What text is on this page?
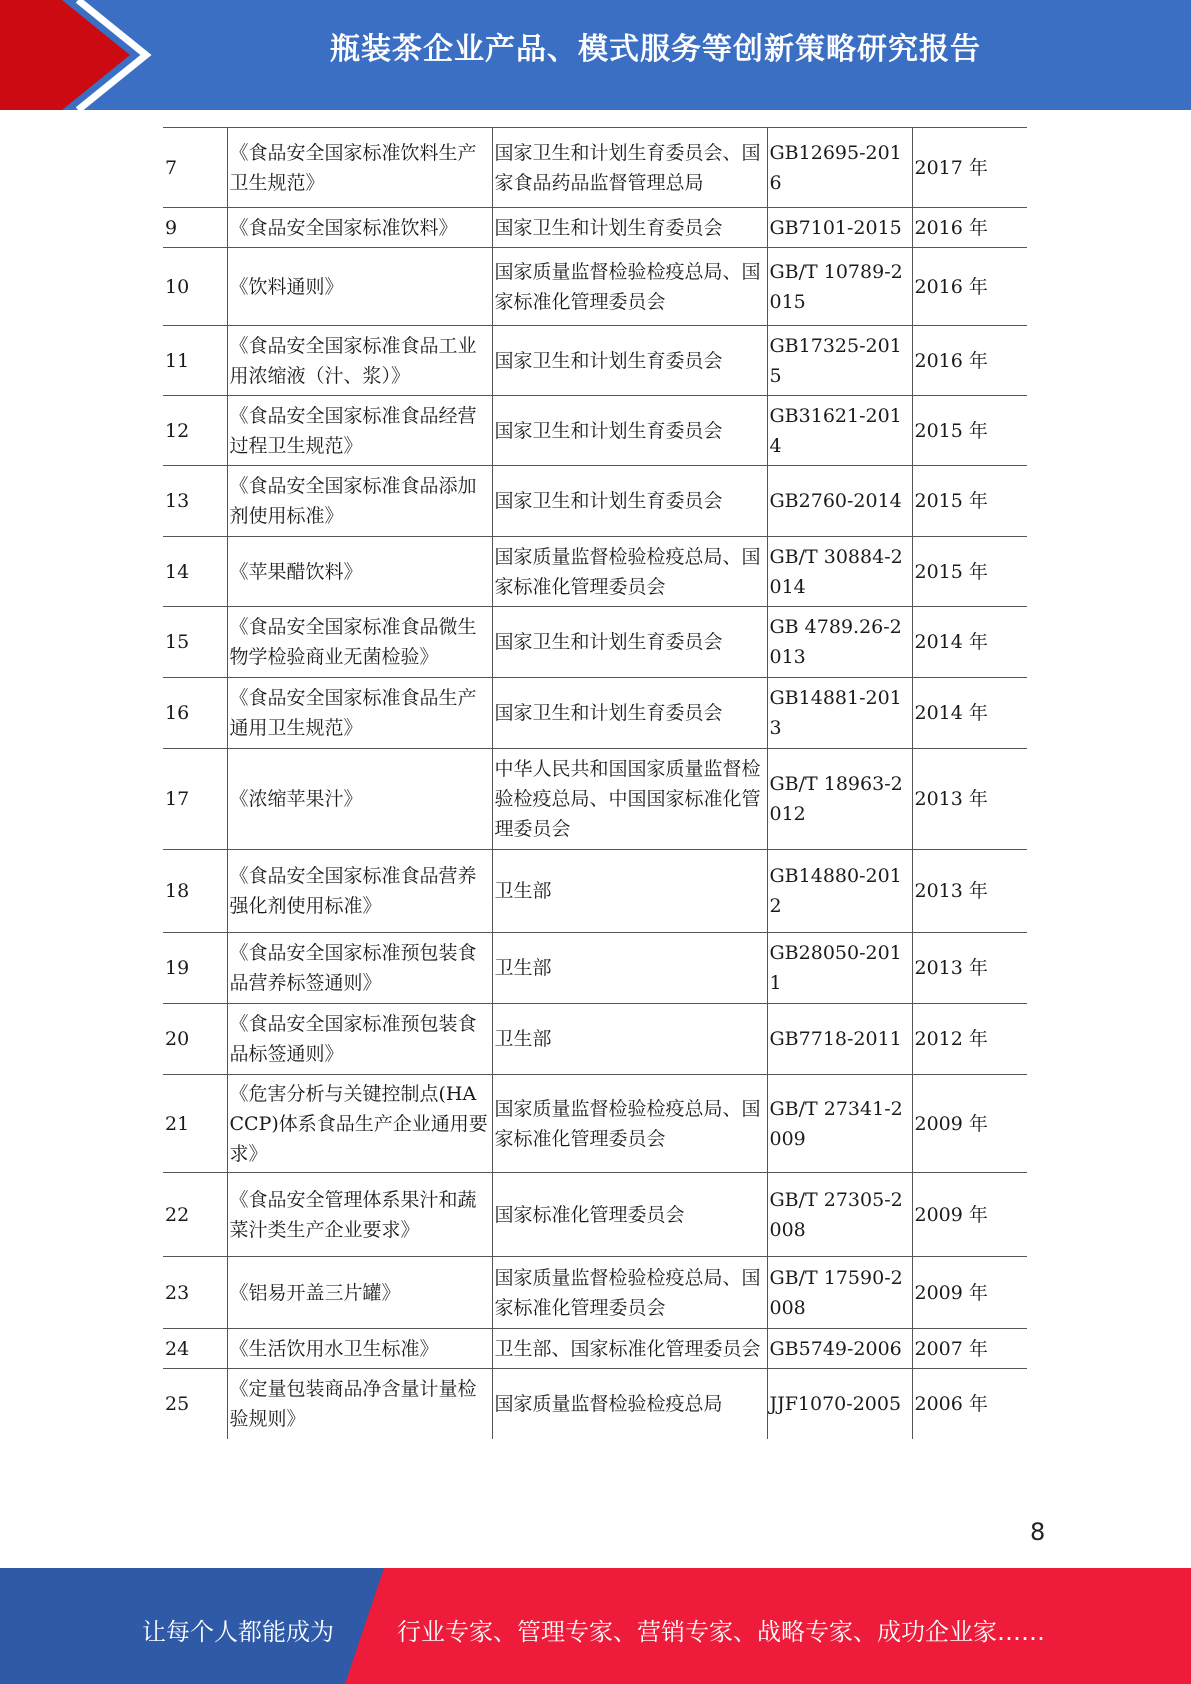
瓶装茶企业产品、模式服务等创新策略研究报告
7	《食品安全国家标准饮料生产卫生规范》	国家卫生和计划生育委员会、国家食品药品监督管理总局	GB12695-2016	2017 年
9	《食品安全国家标准饮料》	国家卫生和计划生育委员会	GB7101-2015	2016 年
10	《饮料通则》	国家质量监督检验检疫总局、国家标准化管理委员会	GB/T 10789-2015	2016 年
11	《食品安全国家标准食品工业用浓缩液（汁、浆）》	国家卫生和计划生育委员会	GB17325-2015	2016 年
12	《食品安全国家标准食品经营过程卫生规范》	国家卫生和计划生育委员会	GB31621-2014	2015 年
13	《食品安全国家标准食品添加剂使用标准》	国家卫生和计划生育委员会	GB2760-2014	2015 年
14	《苹果醋饮料》	国家质量监督检验检疫总局、国家标准化管理委员会	GB/T 30884-2014	2015 年
15	《食品安全国家标准食品微生物学检验商业无菌检验》	国家卫生和计划生育委员会	GB 4789.26-2013	2014 年
16	《食品安全国家标准食品生产通用卫生规范》	国家卫生和计划生育委员会	GB14881-2013	2014 年
17	《浓缩苹果汁》	中华人民共和国国家质量监督检验检疫总局、中国国家标准化管理委员会	GB/T 18963-2012	2013 年
18	《食品安全国家标准食品营养强化剂使用标准》	卫生部	GB14880-2012	2013 年
19	《食品安全国家标准预包装食品营养标签通则》	卫生部	GB28050-2011	2013 年
20	《食品安全国家标准预包装食品标签通则》	卫生部	GB7718-2011	2012 年
21	《危害分析与关键控制点(HACCP)体系食品生产企业通用要求》	国家质量监督检验检疫总局、国家标准化管理委员会	GB/T 27341-2009	2009 年
22	《食品安全管理体系果汁和蔬菜汁类生产企业要求》	国家标准化管理委员会	GB/T 27305-2008	2009 年
23	《铝易开盖三片罐》	国家质量监督检验检疫总局、国家标准化管理委员会	GB/T 17590-2008	2009 年
24	《生活饮用水卫生标准》	卫生部、国家标准化管理委员会	GB5749-2006	2007 年
25	《定量包装商品净含量计量检验规则》	国家质量监督检验检疫总局	JJF1070-2005	2006 年
8
让每个人都能成为	行业专家、管理专家、营销专家、战略专家、成功企业家……
